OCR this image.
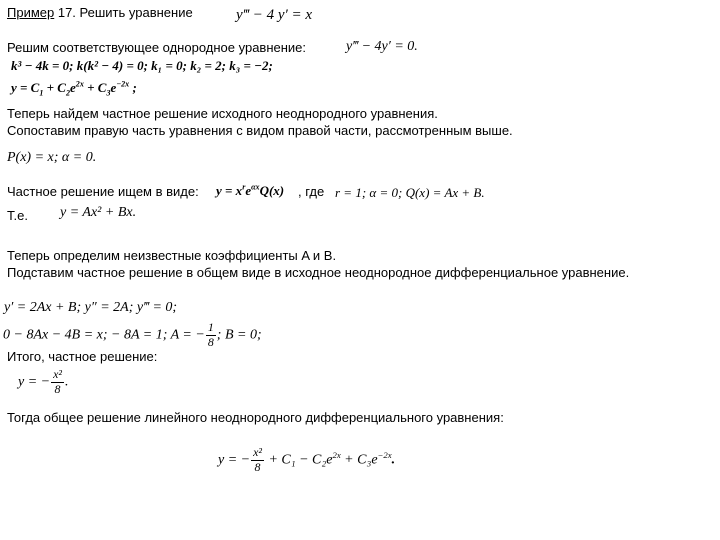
Пример 17. Решить уравнение	y‴ − 4 y′ = x
Решим соответствующее однородное уравнение:	y‴ − 4y′ = 0.
k³ − 4k = 0; k(k² − 4) = 0; k₁ = 0; k₂ = 2; k₃ = −2;
$y = C_1 + C_2e^{2x} + C_3e^{-2x}$ ;
Теперь найдем частное решение исходного неоднородного уравнения.
Сопоставим правую часть уравнения с видом правой части, рассмотренным выше.
P(x) = x; α = 0.
Частное решение ищем в виде: $y = x^re^{\alpha x}Q(x)$ , где r = 1; α = 0; Q(x) = Ax + B.
Т.е. y = Ax² + Bx.
Теперь определим неизвестные коэффициенты A и B.
Подставим частное решение в общем виде в исходное неоднородное дифференциальное уравнение.
y′ = 2Ax + B; y″ = 2A; y‴ = 0;
0 − 8Ax − 4B = x; − 8A = 1; A = − $\frac{1}{8}$ ; B = 0;
Итого, частное решение:
y = − $\frac{\text{x²}}{8}$ .
Тогда общее решение линейного неоднородного дифференциального уравнения:
y = − $\frac{\text{x²}}{8} + C_1 - C_2e^{2x} + C_3e^{-2x}$.
